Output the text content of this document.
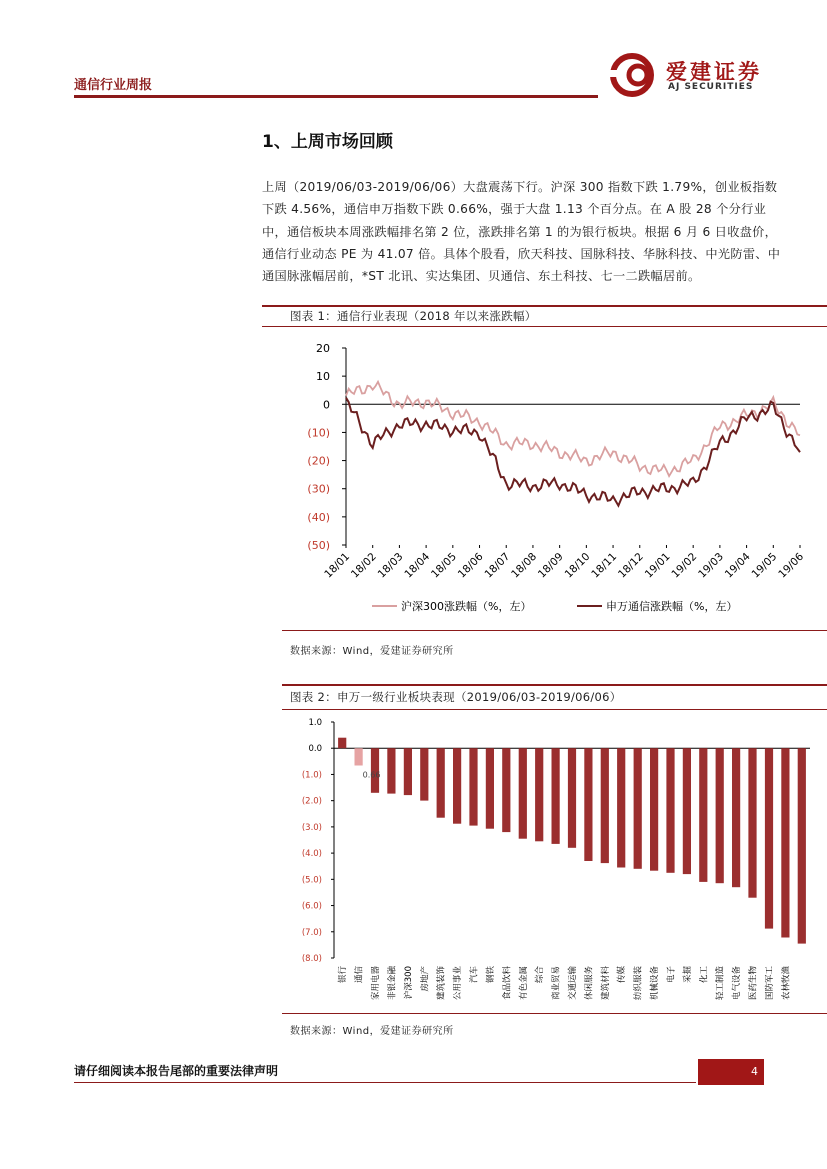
通信行业周报
爱建证券
AJ SECURITIES
1、上周市场回顾
上周（2019/06/03-2019/06/06）大盘震荡下行。沪深 300 指数下跌 1.79%，创业板指数下跌 4.56%，通信申万指数下跌 0.66%，强于大盘 1.13 个百分点。在 A 股 28 个分行业中，通信板块本周涨跌幅排名第 2 位，涨跌排名第 1 的为银行板块。根据 6 月 6 日收盘价，通信行业动态 PE 为 41.07 倍。具体个股看，欣天科技、国脉科技、华脉科技、中光防雷、中通国脉涨幅居前，*ST 北讯、实达集团、贝通信、东土科技、七一二跌幅居前。
图表 1：通信行业表现（2018 年以来涨跌幅）
20
10
0
(10)
(20)
(30)
(40)
(50)
18/01
18/02
18/03
18/04
18/05
18/06
18/07
18/08
18/09
18/10
18/11
18/12
19/01
19/02
19/03
19/04
19/05
19/06
沪深300涨跌幅（%，左）	申万通信涨跌幅（%，左）
数据来源：Wind，爱建证券研究所
图表 2：申万一级行业板块表现（2019/06/03-2019/06/06）
1.0
0.0
(1.0)
(2.0)
(3.0)
(4.0)
(5.0)
(6.0)
(7.0)
(8.0)
0.66
银行 通信 家用电器 非银金融 沪深300 房地产 建筑装饰 公用事业 汽车 钢铁 食品饮料 有色金属 综合 商业贸易 交通运输 休闲服务 建筑材料 传媒 纺织服装 机械设备 电子 采掘 化工 轻工制造 电气设备 医药生物 国防军工 农林牧渔
数据来源：Wind，爱建证券研究所
请仔细阅读本报告尾部的重要法律声明	4
